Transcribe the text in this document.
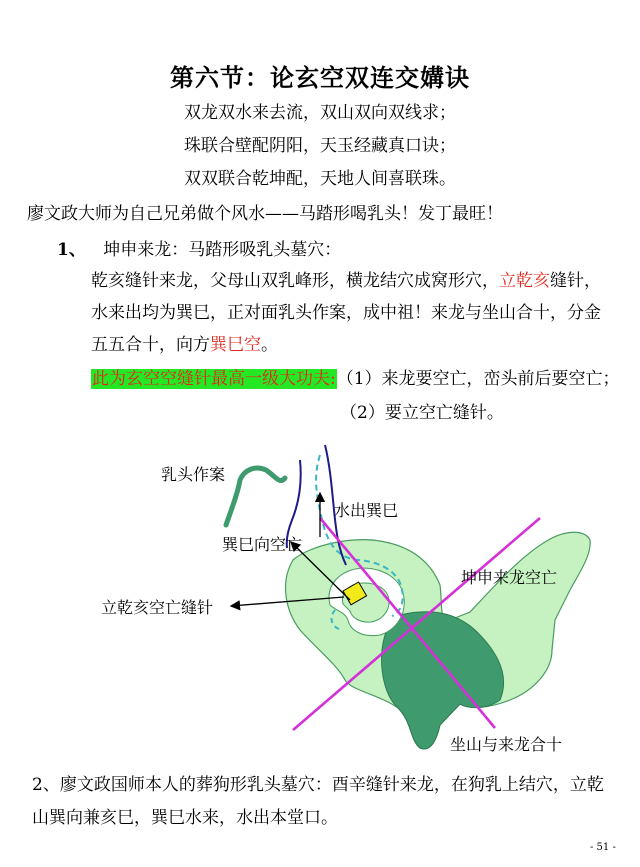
第六节：论玄空双连交媾诀
双龙双水来去流，双山双向双线求；
珠联合壁配阴阳，天玉经藏真口诀；
双双联合乾坤配，天地人间喜联珠。
廖文政大师为自己兄弟做个风水——马踏形喝乳头！发丁最旺！
1、 坤申来龙：马踏形吸乳头墓穴：
乾亥缝针来龙，父母山双乳峰形，横龙结穴成窝形穴，立乾亥缝针，
水来出均为巽巳，正对面乳头作案，成中祖！来龙与坐山合十，分金
五五合十，向方巽巳空。
此为玄空空缝针最高一级大功夫:（1）来龙要空亡，峦头前后要空亡；
（2）要立空亡缝针。
乳头作案
水出巽巳
巽巳向空亡
坤申来龙空亡
立乾亥空亡缝针
坐山与来龙合十
2、廖文政国师本人的葬狗形乳头墓穴：酉辛缝针来龙，在狗乳上结穴，立乾
山巽向兼亥巳，巽巳水来，水出本堂口。
- 51 -
